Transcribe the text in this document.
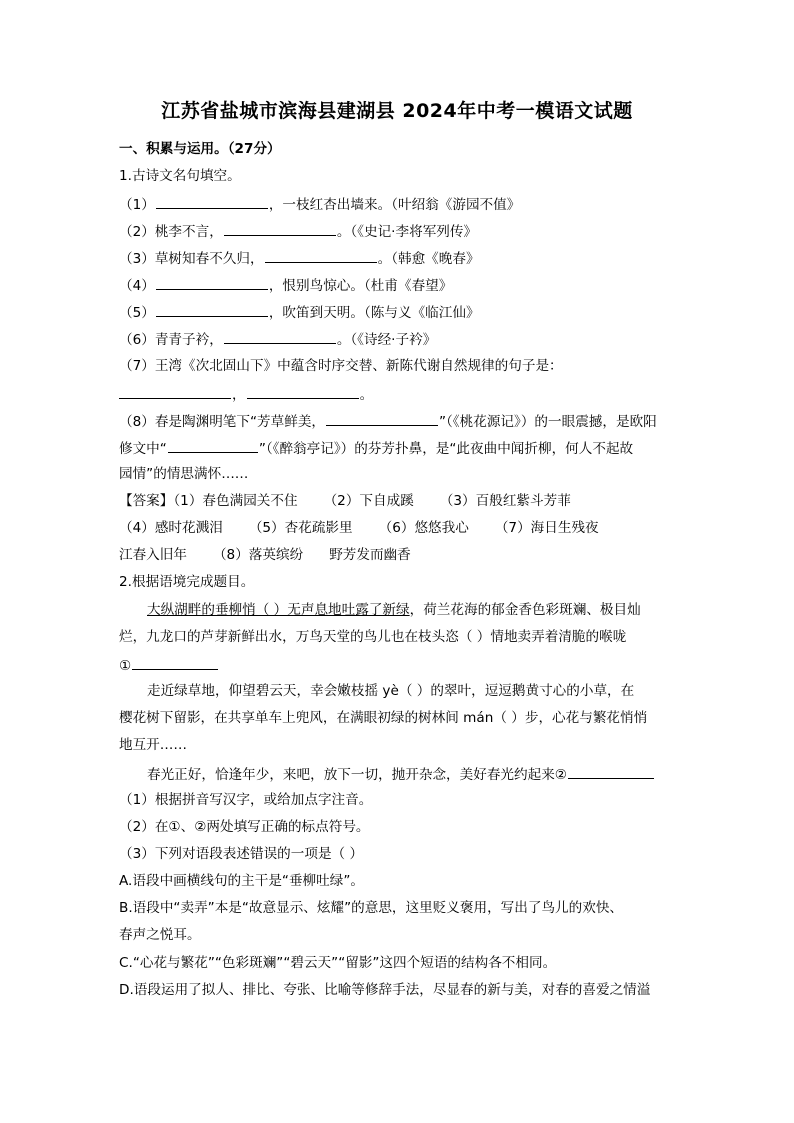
江苏省盐城市滨海县建湖县 2024年中考一模语文试题
一、积累与运用。（27分）
1.古诗文名句填空。
（1）	，一枝红杏出墙来。（叶绍翁《游园不值》
（2）桃李不言，	。（《史记·李将军列传》
（3）草树知春不久归，	。（韩愈《晚春》
（4）	，恨别鸟惊心。（杜甫《春望》
（5）	，吹笛到天明。（陈与义《临江仙》
（6）青青子衿，	。（《诗经·子衿》
（7）王湾《次北固山下》中蕴含时序交替、新陈代谢自然规律的句子是：
，	。
（8）春是陶渊明笔下“芳草鲜美，	”（《桃花源记》）的一眼震撼，是欧阳
修文中“	”（《醉翁亭记》）的芬芳扑鼻，是“此夜曲中闻折柳，何人不起故
园情”的情思满怀……
【答案】（1）春色满园关不住 （2）下自成蹊 （3）百般红紫斗芳菲
（4）感时花溅泪 （5）杏花疏影里 （6）悠悠我心 （7）海日生残夜
江春入旧年 （8）落英缤纷 野芳发而幽香
2.根据语境完成题目。
大纵湖畔的垂柳悄（ ）无声息地吐露了新绿，荷兰花海的郁金香色彩斑斓、极目灿
烂，九龙口的芦芽新鲜出水，万鸟天堂的鸟儿也在枝头恣（ ）情地卖弄着清脆的喉咙
①
走近绿草地，仰望碧云天，幸会嫩枝摇 yè（ ）的翠叶，逗逗鹅黄寸心的小草，在
樱花树下留影，在共享单车上兜风，在满眼初绿的树林间 mán（ ）步，心花与繁花悄悄
地互开……
春光正好，恰逢年少，来吧，放下一切，抛开杂念，美好春光约起来②
（1）根据拼音写汉字，或给加点字注音。
（2）在①、②两处填写正确的标点符号。
（3）下列对语段表述错误的一项是（ ）
A.语段中画横线句的主干是“垂柳吐绿”。
B.语段中“卖弄”本是“故意显示、炫耀”的意思，这里贬义褒用，写出了鸟儿的欢快、
春声之悦耳。
C.“心花与繁花”“色彩斑斓”“碧云天”“留影”这四个短语的结构各不相同。
D.语段运用了拟人、排比、夸张、比喻等修辞手法，尽显春的新与美，对春的喜爱之情溢
